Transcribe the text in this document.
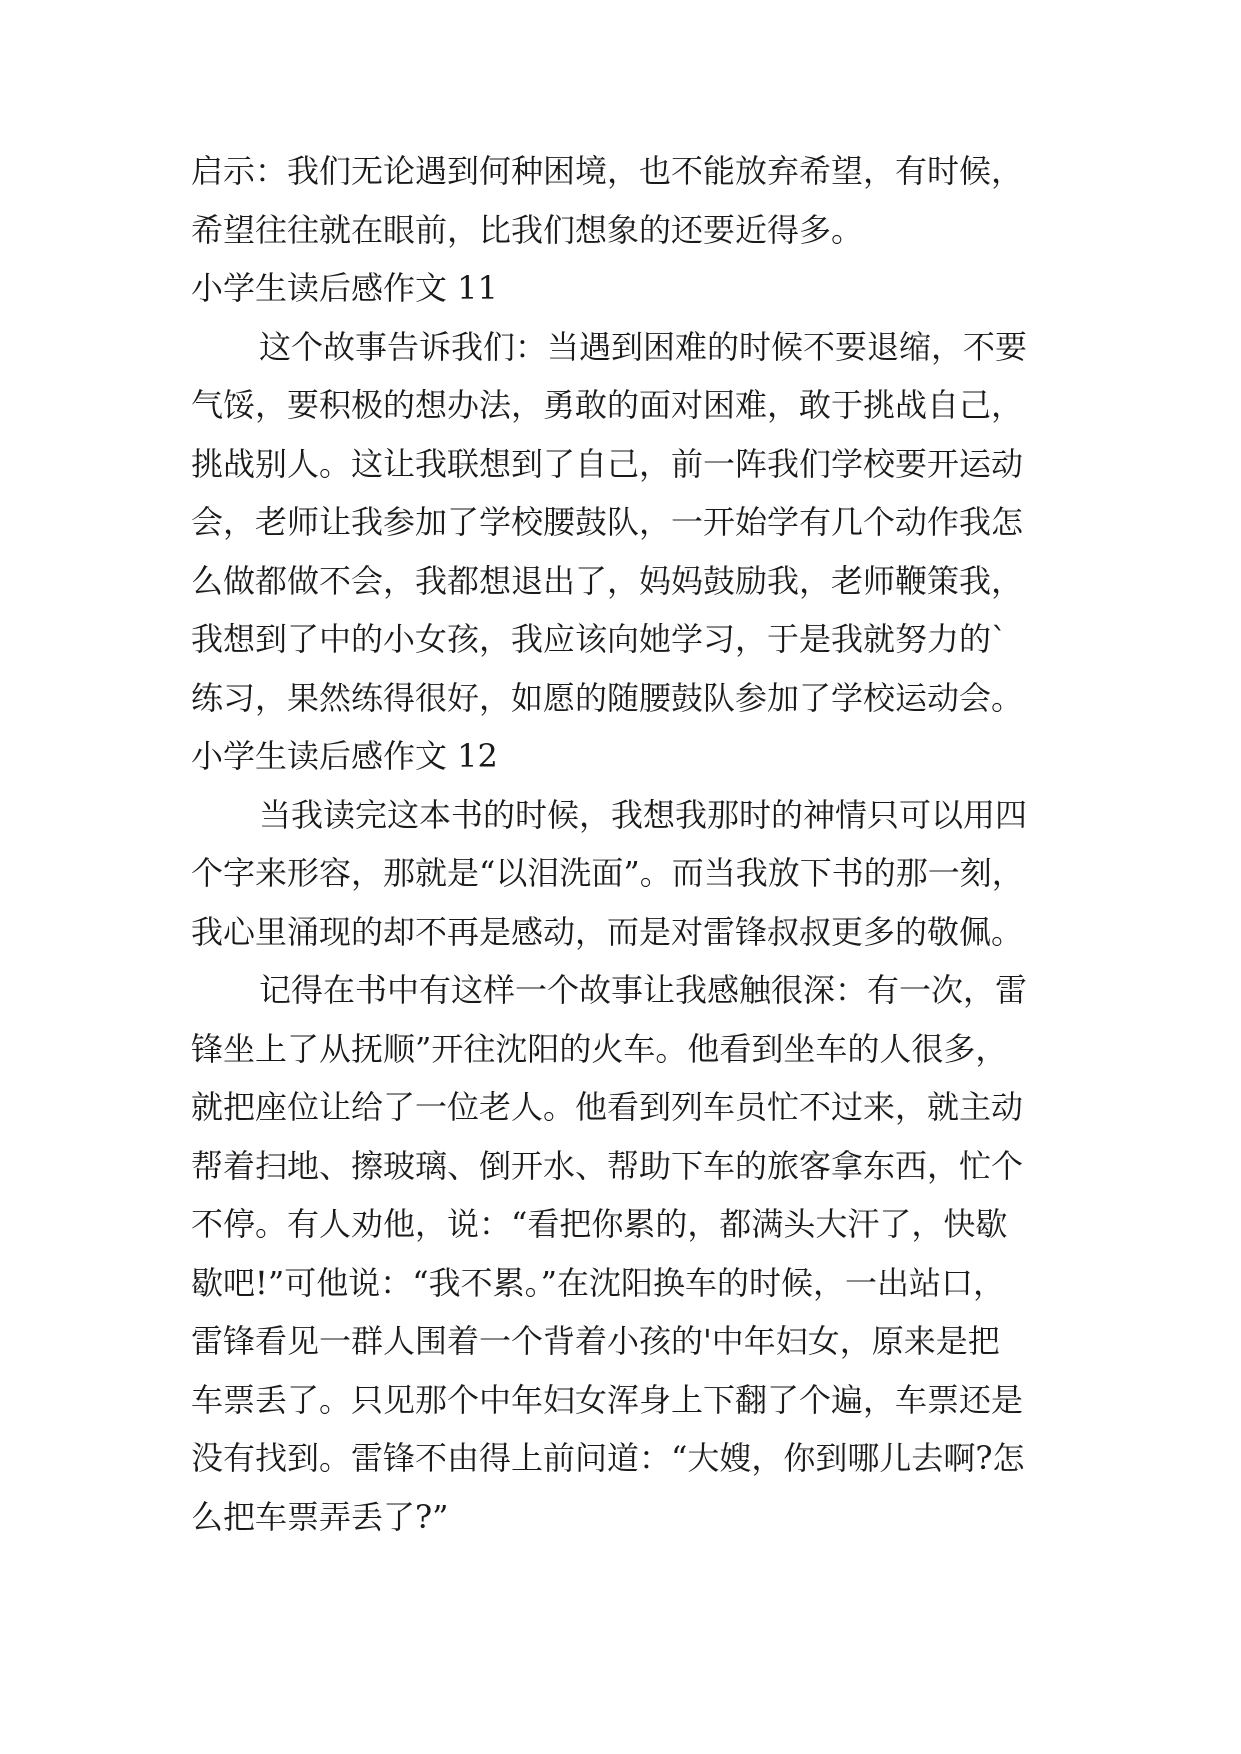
启示：我们无论遇到何种困境，也不能放弃希望，有时候，
希望往往就在眼前，比我们想象的还要近得多。
小学生读后感作文 11
这个故事告诉我们：当遇到困难的时候不要退缩，不要
气馁，要积极的想办法，勇敢的面对困难，敢于挑战自己，
挑战别人。这让我联想到了自己，前一阵我们学校要开运动
会，老师让我参加了学校腰鼓队，一开始学有几个动作我怎
么做都做不会，我都想退出了，妈妈鼓励我，老师鞭策我，
我想到了中的小女孩，我应该向她学习，于是我就努力的`
练习，果然练得很好，如愿的随腰鼓队参加了学校运动会。
小学生读后感作文 12
当我读完这本书的时候，我想我那时的神情只可以用四
个字来形容，那就是“以泪洗面”。而当我放下书的那一刻，
我心里涌现的却不再是感动，而是对雷锋叔叔更多的敬佩。
记得在书中有这样一个故事让我感触很深：有一次，雷
锋坐上了从抚顺”开往沈阳的火车。他看到坐车的人很多，
就把座位让给了一位老人。他看到列车员忙不过来，就主动
帮着扫地、擦玻璃、倒开水、帮助下车的旅客拿东西，忙个
不停。有人劝他，说：“看把你累的，都满头大汗了，快歇
歇吧!”可他说：“我不累。”在沈阳换车的时候，一出站口，
雷锋看见一群人围着一个背着小孩的'中年妇女，原来是把
车票丢了。只见那个中年妇女浑身上下翻了个遍，车票还是
没有找到。雷锋不由得上前问道：“大嫂，你到哪儿去啊?怎
么把车票弄丢了?”
